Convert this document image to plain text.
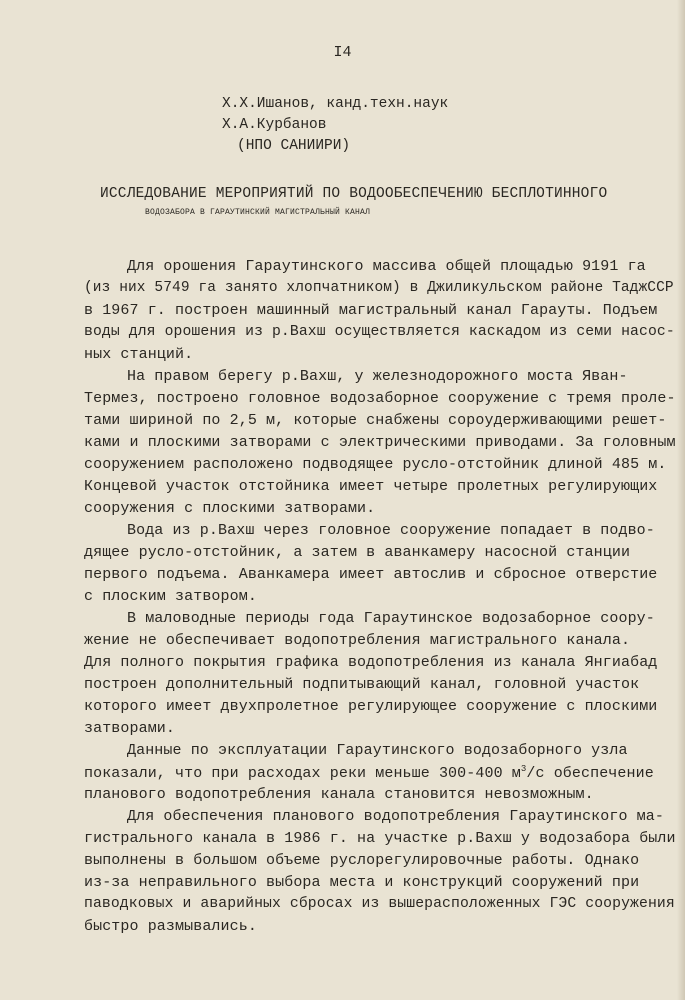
I4
Х.Х.Ишанов, канд.техн.наук
Х.А.Курбанов
(НПО САНИИРИ)
ИССЛЕДОВАНИЕ МЕРОПРИЯТИЙ ПО ВОДООБЕСПЕЧЕНИЮ БЕСПЛОТИННОГО
ВОДОЗАБОРА В ГАРАУТИНСКИЙ МАГИСТРАЛЬНЫЙ КАНАЛ
Для орошения Гараутинского массива общей площадью 9191 га
(из них 5749 га занято хлопчатником) в Джиликульском районе ТаджССР
в 1967 г. построен машинный магистральный канал Гарауты. Подъем
воды для орошения из р.Вахш осуществляется каскадом из семи насос-
ных станций.
На правом берегу р.Вахш, у железнодорожного моста Яван-
Термез, построено головное водозаборное сооружение с тремя проле-
тами шириной по 2,5 м, которые снабжены сороудерживающими решет-
ками и плоскими затворами с электрическими приводами. За головным
сооружением расположено подводящее русло-отстойник длиной 485 м.
Концевой участок отстойника имеет четыре пролетных регулирующих
сооружения с плоскими затворами.
Вода из р.Вахш через головное сооружение попадает в подво-
дящее русло-отстойник, а затем в аванкамеру насосной станции
первого подъема. Аванкамера имеет автослив и сбросное отверстие
с плоским затвором.
В маловодные периоды года Гараутинское водозаборное соору-
жение не обеспечивает водопотребления магистрального канала.
Для полного покрытия графика водопотребления из канала Янгиабад
построен дополнительный подпитывающий канал, головной участок
которого имеет двухпролетное регулирующее сооружение с плоскими
затворами.
Данные по эксплуатации Гараутинского водозаборного узла
показали, что при расходах реки меньше 300-400 $м^3/с$ обеспечение
планового водопотребления канала становится невозможным.
Для обеспечения планового водопотребления Гараутинского ма-
гистрального канала в 1986 г. на участке р.Вахш у водозабора были
выполнены в большом объеме руслорегулировочные работы. Однако
из-за неправильного выбора места и конструкций сооружений при
паводковых и аварийных сбросах из вышерасположенных ГЭС сооружения
быстро размывались.
